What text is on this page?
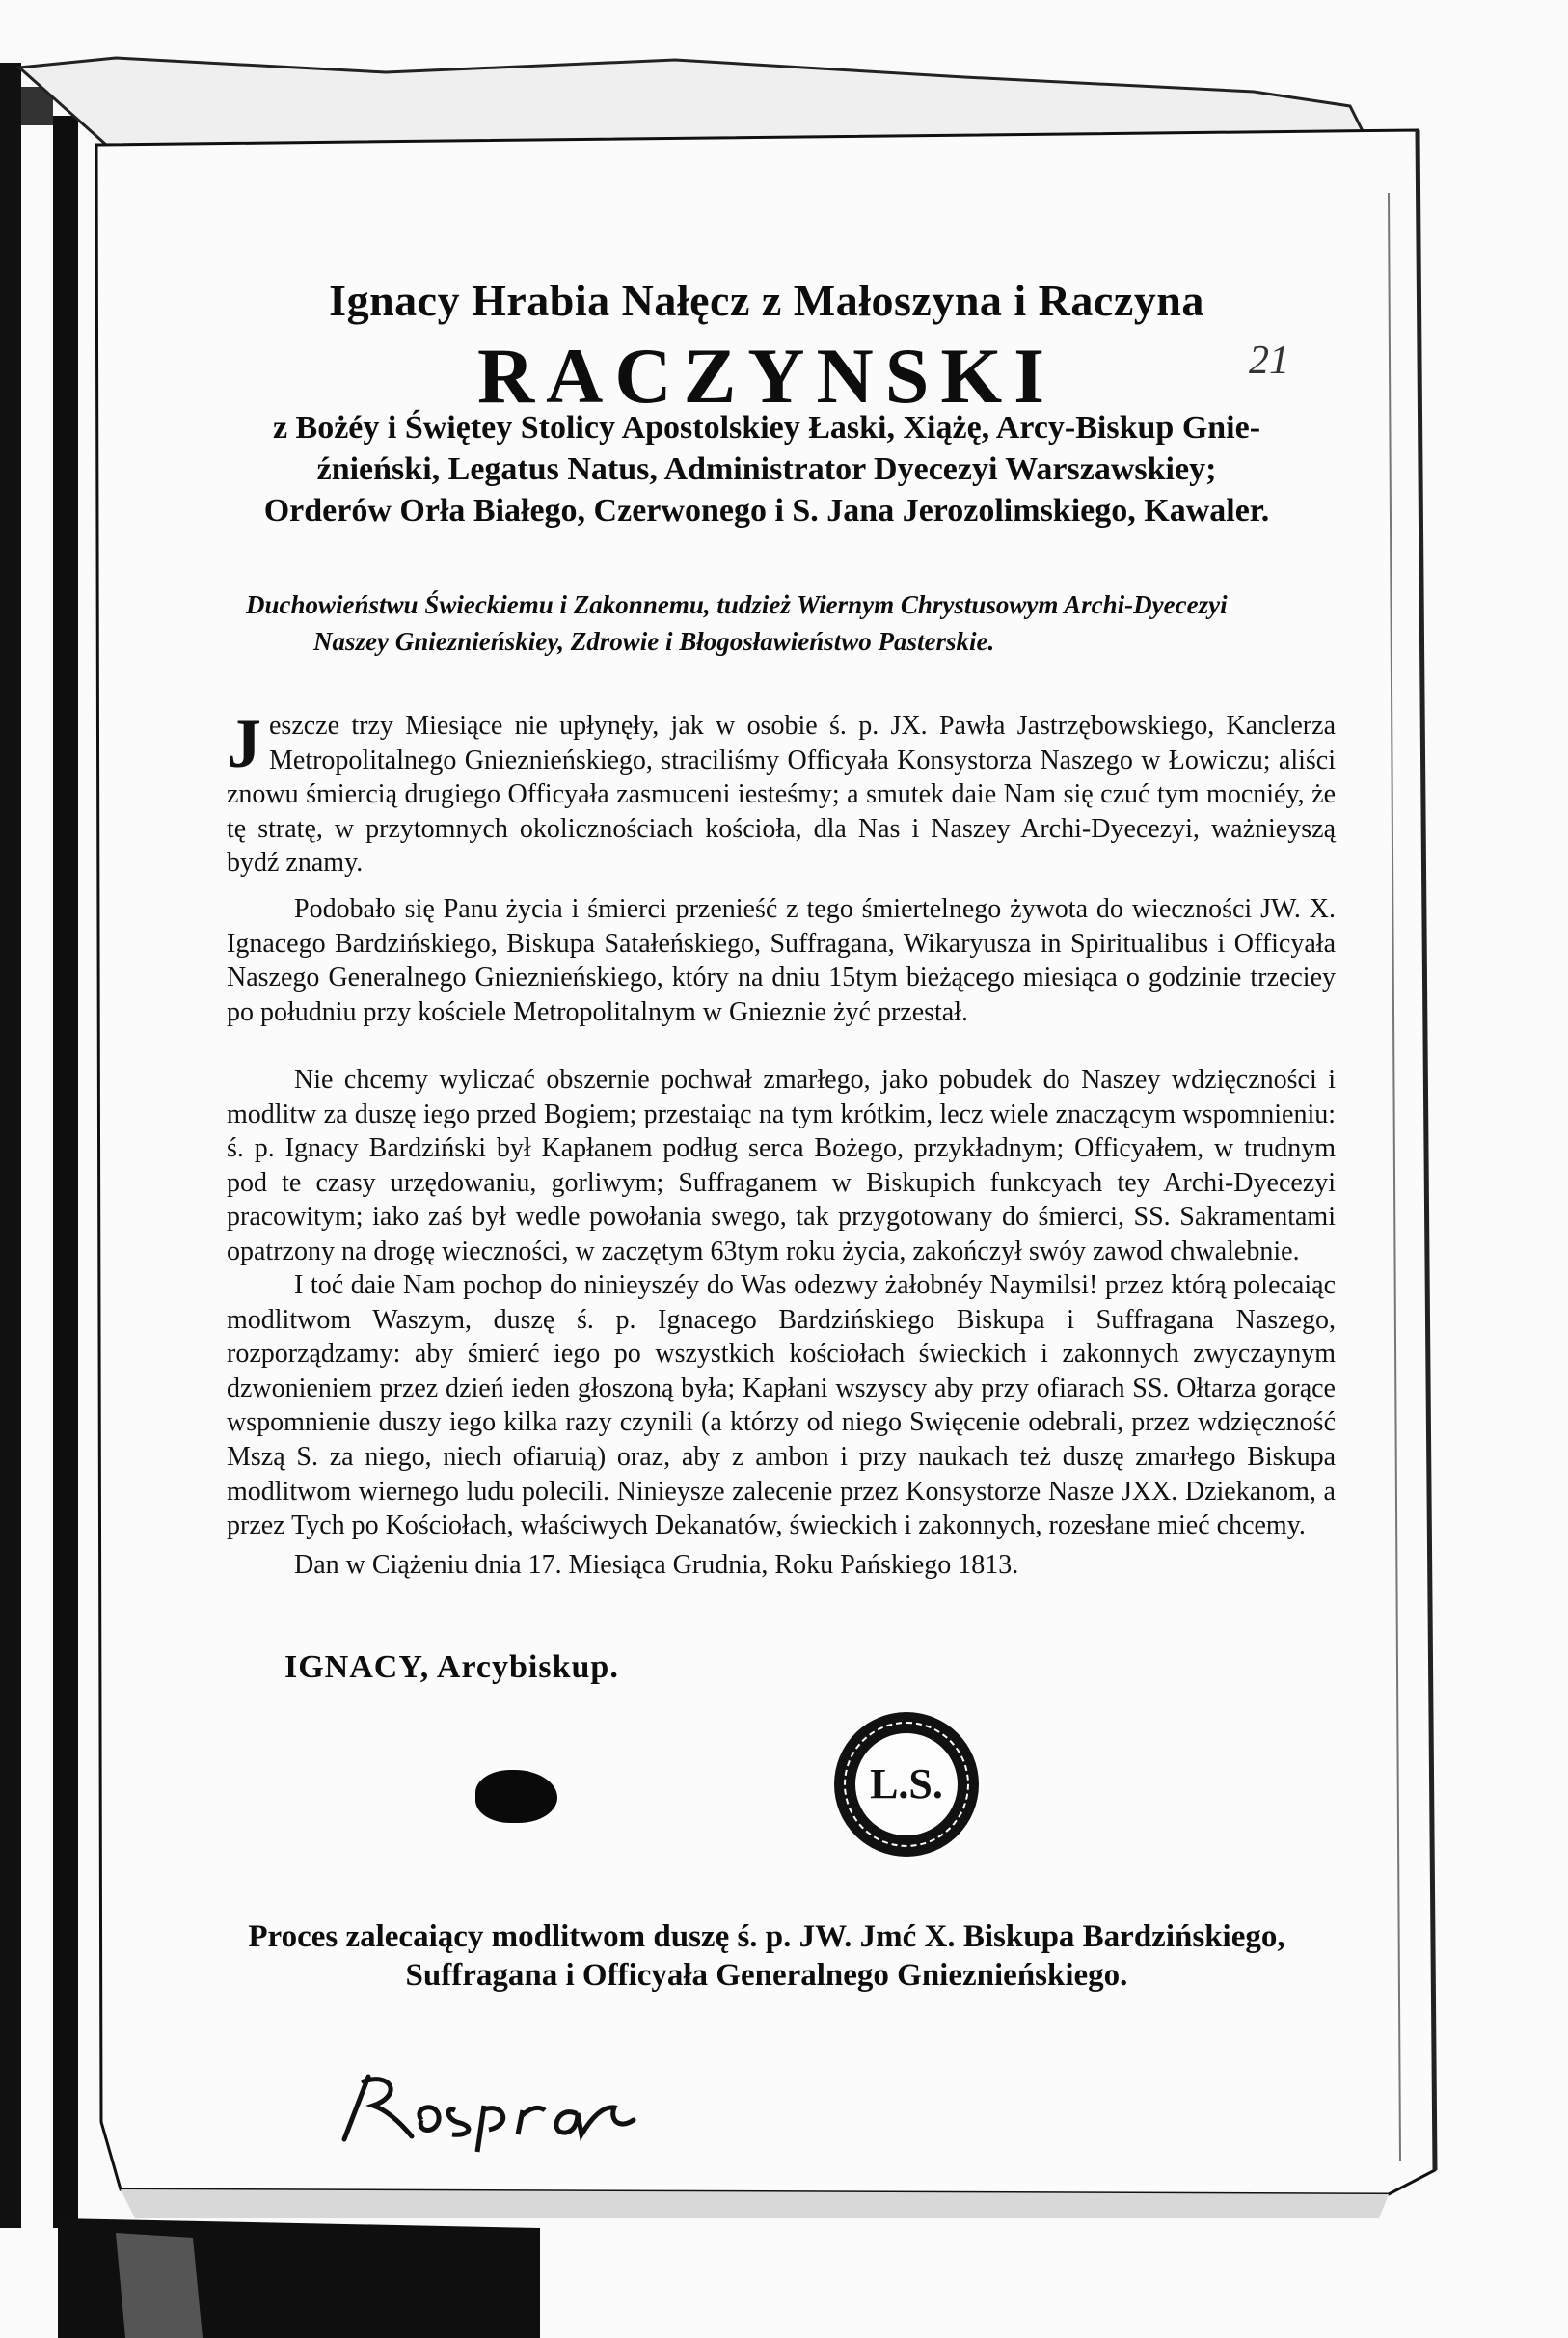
Ignacy Hrabia Nałęcz z Małoszyna i Raczyna
RACZYNSKI
z Bożéy i Świętey Stolicy Apostolskiey Łaski, Xiążę, Arcy-Biskup Gnie-
źnieński, Legatus Natus, Administrator Dyecezyi Warszawskiey;
Orderów Orła Białego, Czerwonego i S. Jana Jerozolimskiego, Kawaler.
Duchowieństwu Świeckiemu i Zakonnemu, tudzież Wiernym Chrystusowym Archi-Dyecezyi
Naszey Gnieznieńskiey, Zdrowie i Błogosławieństwo Pasterskie.
Jeszcze trzy Miesiące nie upłynęły, jak w osobie ś. p. JX. Pawła Jastrzębowskiego, Kanclerza Metropolitalnego Gnieznieńskiego, straciliśmy Officyała Konsystorza Naszego w Łowiczu; aliści znowu śmiercią drugiego Officyała zasmuceni iesteśmy; a smutek daie Nam się czuć tym mocniéy, że tę stratę, w przytomnych okolicznościach kościoła, dla Nas i Naszey Archi-Dyecezyi, ważnieyszą bydź znamy.
Podobało się Panu życia i śmierci przenieść z tego śmiertelnego żywota do wieczności JW. X. Ignacego Bardzińskiego, Biskupa Satałeńskiego, Suffragana, Wikaryusza in Spiritualibus i Officyała Naszego Generalnego Gnieznieńskiego, który na dniu 15tym bieżącego miesiąca o godzinie trzeciey po południu przy kościele Metropolitalnym w Gnieznie żyć przestał.
Nie chcemy wyliczać obszernie pochwał zmarłego, jako pobudek do Naszey wdzięczności i modlitw za duszę iego przed Bogiem; przestaiąc na tym krótkim, lecz wiele znaczącym wspomnieniu: ś. p. Ignacy Bardziński był Kapłanem podług serca Bożego, przykładnym; Officyałem, w trudnym pod te czasy urzędowaniu, gorliwym; Suffraganem w Biskupich funkcyach tey Archi-Dyecezyi pracowitym; iako zaś był wedle powołania swego, tak przygotowany do śmierci, SS. Sakramentami opatrzony na drogę wieczności, w zaczętym 63tym roku życia, zakończył swóy zawod chwalebnie.
I toć daie Nam pochop do ninieyszéy do Was odezwy żałobnéy Naymilsi! przez którą polecaiąc modlitwom Waszym, duszę ś. p. Ignacego Bardzińskiego Biskupa i Suffragana Naszego, rozporządzamy: aby śmierć iego po wszystkich kościołach świeckich i zakonnych zwyczaynym dzwonieniem przez dzień ieden głoszoną była; Kapłani wszyscy aby przy ofiarach SS. Ołtarza gorące wspomnienie duszy iego kilka razy czynili (a którzy od niego Swięcenie odebrali, przez wdzięczność Mszą S. za niego, niech ofiaruią) oraz, aby z ambon i przy naukach też duszę zmarłego Biskupa modlitwom wiernego ludu polecili. Ninieysze zalecenie przez Konsystorze Nasze JXX. Dziekanom, a przez Tych po Kościołach, właściwych Dekanatów, świeckich i zakonnych, rozesłane mieć chcemy.
Dan w Ciążeniu dnia 17. Miesiąca Grudnia, Roku Pańskiego 1813.
IGNACY, Arcybiskup.
L.S.
Proces zalecaiący modlitwom duszę ś. p. JW. Jmć X. Biskupa Bardzińskiego,
Suffragana i Officyała Generalnego Gnieznieńskiego.
21
